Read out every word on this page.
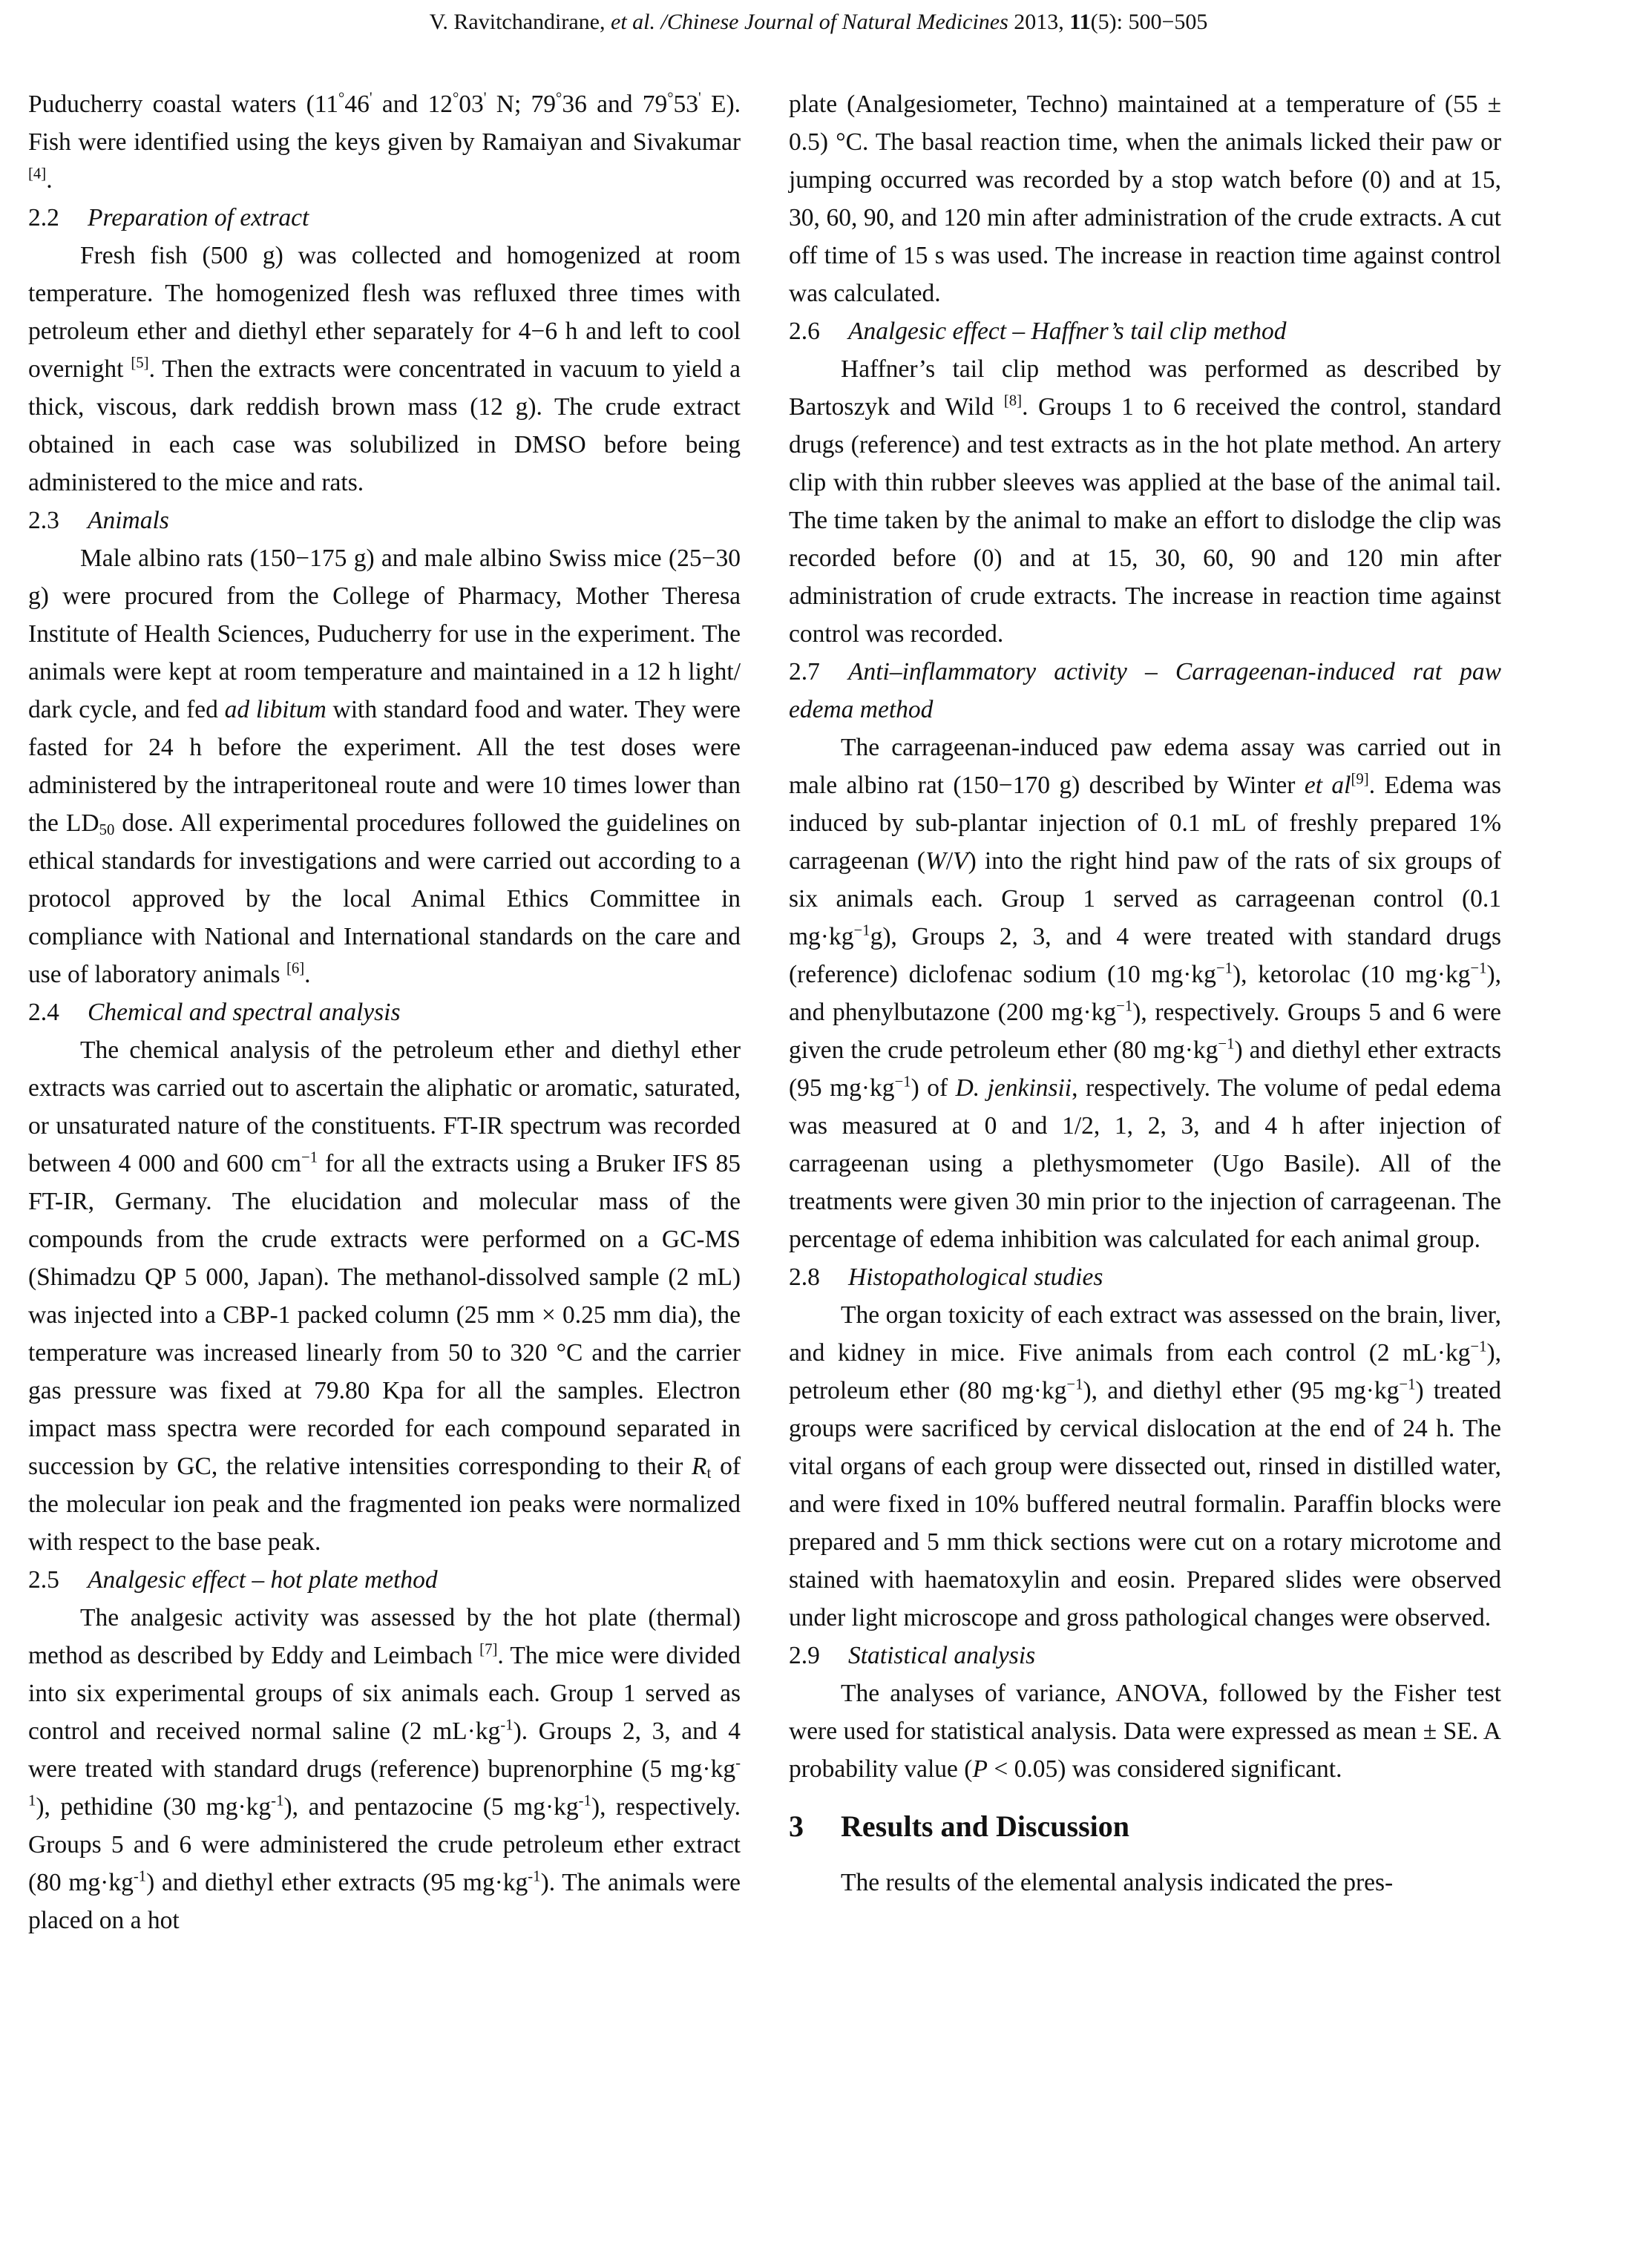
V. Ravitchandirane, et al. /Chinese Journal of Natural Medicines 2013, 11(5): 500−505

Puducherry coastal waters (11°46' and 12°03' N; 79°36 and 79°53' E). Fish were identified using the keys given by Ramaiyan and Sivakumar [4].

2.2 Preparation of extract

Fresh fish (500 g) was collected and homogenized at room temperature. The homogenized flesh was refluxed three times with petroleum ether and diethyl ether separately for 4−6 h and left to cool overnight [5]. Then the extracts were concentrated in vacuum to yield a thick, viscous, dark reddish brown mass (12 g). The crude extract obtained in each case was solubilized in DMSO before being administered to the mice and rats.

2.3 Animals

Male albino rats (150−175 g) and male albino Swiss mice (25−30 g) were procured from the College of Pharmacy, Mother Theresa Institute of Health Sciences, Puducherry for use in the experiment. The animals were kept at room temperature and maintained in a 12 h light/ dark cycle, and fed ad libitum with standard food and water. They were fasted for 24 h before the experiment. All the test doses were administered by the intraperitoneal route and were 10 times lower than the $LD_{50}$ dose. All experimental procedures followed the guidelines on ethical standards for investigations and were carried out according to a protocol approved by the local Animal Ethics Committee in compliance with National and International standards on the care and use of laboratory animals [6].

2.4 Chemical and spectral analysis

The chemical analysis of the petroleum ether and diethyl ether extracts was carried out to ascertain the aliphatic or aromatic, saturated, or unsaturated nature of the constituents. FT-IR spectrum was recorded between 4 000 and 600 $cm^{-1}$ for all the extracts using a Bruker IFS 85 FT-IR, Germany. The elucidation and molecular mass of the compounds from the crude extracts were performed on a GC-MS (Shimadzu QP 5 000, Japan). The methanol-dissolved sample (2 mL) was injected into a CBP-1 packed column (25 mm × 0.25 mm dia), the temperature was increased linearly from 50 to 320 °C and the carrier gas pressure was fixed at 79.80 Kpa for all the samples. Electron impact mass spectra were recorded for each compound separated in succession by GC, the relative intensities corresponding to their $R_t$ of the molecular ion peak and the fragmented ion peaks were normalized with respect to the base peak.

2.5 Analgesic effect – hot plate method

The analgesic activity was assessed by the hot plate (thermal) method as described by Eddy and Leimbach [7]. The mice were divided into six experimental groups of six animals each. Group 1 served as control and received normal saline (2 $mL\cdot kg^{-1}$). Groups 2, 3, and 4 were treated with standard drugs (reference) buprenorphine (5 $mg\cdot kg^{-1}$), pethidine (30 $mg\cdot kg^{-1}$), and pentazocine (5 $mg\cdot kg^{-1}$), respectively. Groups 5 and 6 were administered the crude petroleum ether extract (80 $mg\cdot kg^{-1}$) and diethyl ether extracts (95 $mg\cdot kg^{-1}$). The animals were placed on a hot

plate (Analgesiometer, Techno) maintained at a temperature of (55 ± 0.5) °C. The basal reaction time, when the animals licked their paw or jumping occurred was recorded by a stop watch before (0) and at 15, 30, 60, 90, and 120 min after administration of the crude extracts. A cut off time of 15 s was used. The increase in reaction time against control was calculated.

2.6 Analgesic effect – Haffner’s tail clip method

Haffner’s tail clip method was performed as described by Bartoszyk and Wild [8]. Groups 1 to 6 received the control, standard drugs (reference) and test extracts as in the hot plate method. An artery clip with thin rubber sleeves was applied at the base of the animal tail. The time taken by the animal to make an effort to dislodge the clip was recorded before (0) and at 15, 30, 60, 90 and 120 min after administration of crude extracts. The increase in reaction time against control was recorded.

2.7 Anti–inflammatory activity – Carrageenan-induced rat paw edema method

The carrageenan-induced paw edema assay was carried out in male albino rat (150−170 g) described by Winter et al[9]. Edema was induced by sub-plantar injection of 0.1 mL of freshly prepared 1% carrageenan (W/V) into the right hind paw of the rats of six groups of six animals each. Group 1 served as carrageenan control (0.1 $mg\cdot kg^{-1}g$), Groups 2, 3, and 4 were treated with standard drugs (reference) diclofenac sodium (10 $mg\cdot kg^{-1}$), ketorolac (10 $mg\cdot kg^{-1}$), and phenylbutazone (200 $mg\cdot kg^{-1}$), respectively. Groups 5 and 6 were given the crude petroleum ether (80 $mg\cdot kg^{-1}$) and diethyl ether extracts (95 $mg\cdot kg^{-1}$) of D. jenkinsii, respectively. The volume of pedal edema was measured at 0 and 1/2, 1, 2, 3, and 4 h after injection of carrageenan using a plethysmometer (Ugo Basile). All of the treatments were given 30 min prior to the injection of carrageenan. The percentage of edema inhibition was calculated for each animal group.

2.8 Histopathological studies

The organ toxicity of each extract was assessed on the brain, liver, and kidney in mice. Five animals from each control (2 $mL\cdot kg^{-1}$), petroleum ether (80 $mg\cdot kg^{-1}$), and diethyl ether (95 $mg\cdot kg^{-1}$) treated groups were sacrificed by cervical dislocation at the end of 24 h. The vital organs of each group were dissected out, rinsed in distilled water, and were fixed in 10% buffered neutral formalin. Paraffin blocks were prepared and 5 mm thick sections were cut on a rotary microtome and stained with haematoxylin and eosin. Prepared slides were observed under light microscope and gross pathological changes were observed.

2.9 Statistical analysis

The analyses of variance, ANOVA, followed by the Fisher test were used for statistical analysis. Data were expressed as mean ± SE. A probability value (P < 0.05) was considered significant.

3 Results and Discussion

The results of the elemental analysis indicated the pres-
